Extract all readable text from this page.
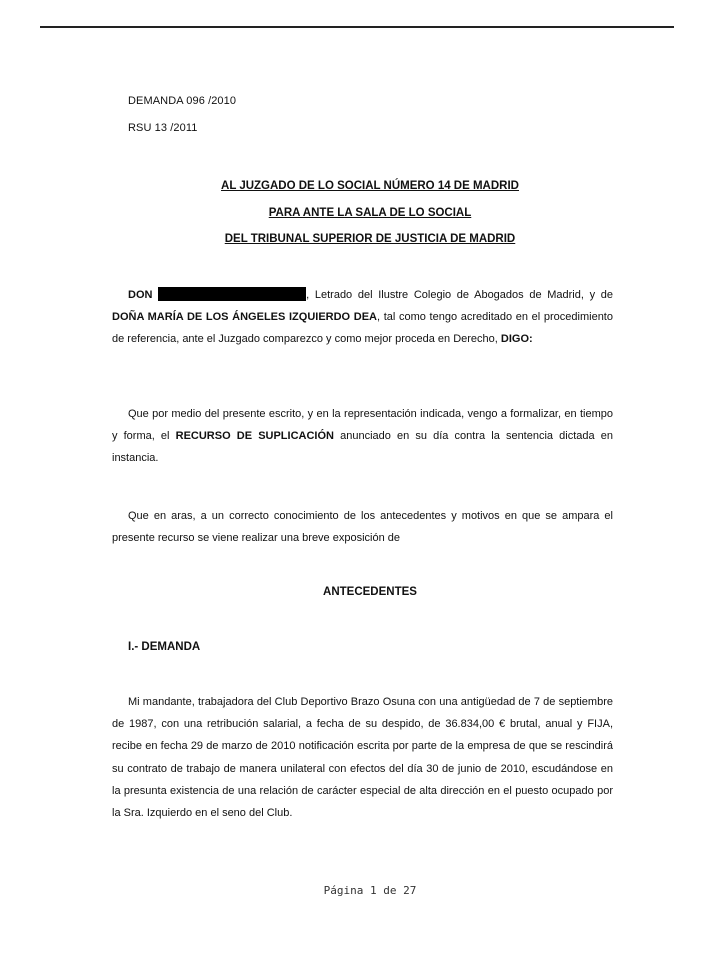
DEMANDA 096 /2010
RSU 13 /2011
AL JUZGADO DE LO SOCIAL NÚMERO 14 DE MADRID
PARA ANTE LA SALA DE LO SOCIAL
DEL TRIBUNAL SUPERIOR DE JUSTICIA DE MADRID
DON	, Letrado del Ilustre Colegio de Abogados de Madrid, y de DOÑA MARÍA DE LOS ÁNGELES IZQUIERDO DEA, tal como tengo acreditado en el procedimiento de referencia, ante el Juzgado comparezco y como mejor proceda en Derecho, DIGO:
Que por medio del presente escrito, y en la representación indicada, vengo a formalizar, en tiempo y forma, el RECURSO DE SUPLICACIÓN anunciado en su día contra la sentencia dictada en instancia.
Que en aras, a un correcto conocimiento de los antecedentes y motivos en que se ampara el presente recurso se viene realizar una breve exposición de
ANTECEDENTES
I.- DEMANDA
Mi mandante, trabajadora del Club Deportivo Brazo Osuna con una antigüedad de 7 de septiembre de 1987, con una retribución salarial, a fecha de su despido, de 36.834,00 € brutal, anual y FIJA, recibe en fecha 29 de marzo de 2010 notificación escrita por parte de la empresa de que se rescindirá su contrato de trabajo de manera unilateral con efectos del día 30 de junio de 2010, escudándose en la presunta existencia de una relación de carácter especial de alta dirección en el puesto ocupado por la Sra. Izquierdo en el seno del Club.
Página 1 de 27
